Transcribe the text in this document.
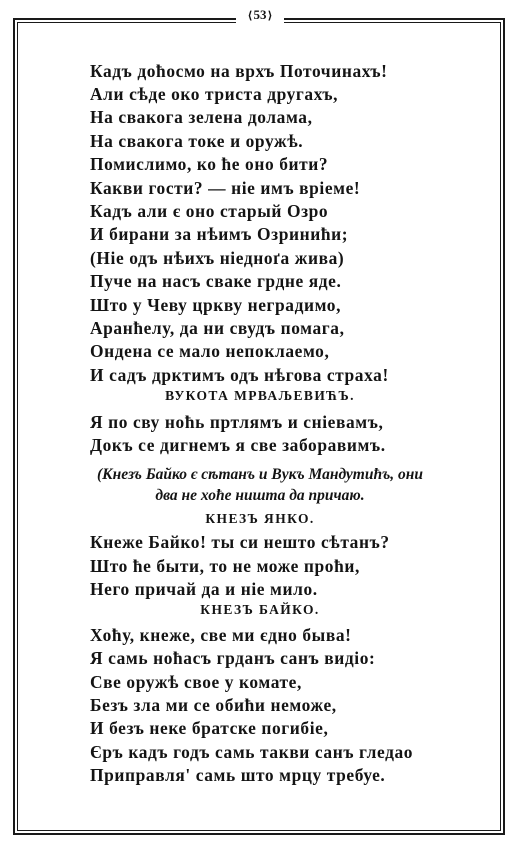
⟨ 53 ⟩
Кадъ доћосмо на врхъ Поточинахъ!
Али сѣде око триста другахъ,
На свакога зелена долама,
На свакога токе и оружѣ.
Помислимо, ко ће оно бити?
Какви гости? — ніе имъ вріеме!
Кадъ али є оно старый Озро
И бирани за нѣимъ Озринићи;
(Ніе одъ нѣихъ ніедноґа жива)
Пуче на насъ сваке грдне яде.
Што у Чеву цркву неградимо,
Аранћелу, да ни свудъ помага,
Ондена се мало непоклаемо,
И садъ дрктимъ одъ нѣгова страха!
ВУКОТА МРВАЉЕВИЋЪ.
Я по сву ноћь пртлямъ и сніевамъ,
Докъ се дигнемъ я све заборавимъ.
(Кнезъ Байко є сѣтанъ и Вукъ Мандутићъ, они
два не хоће ништа да причаю.
КНЕЗЪ ЯНКО.
Кнеже Байко! ты си нешто сѣтанъ?
Што ће быти, то не може проћи,
Него причай да и ніе мило.
КНЕЗЪ БАЙКО.
Хоћу, кнеже, све ми єдно бывa!
Я самь ноћасъ грданъ санъ видіо:
Све оружѣ свое у комате,
Безъ зла ми се обићи неможе,
И безъ неке братске погибіе,
Єръ кадъ годъ самь такви санъ гледао
Приправля' самь што мрцу требуе.
